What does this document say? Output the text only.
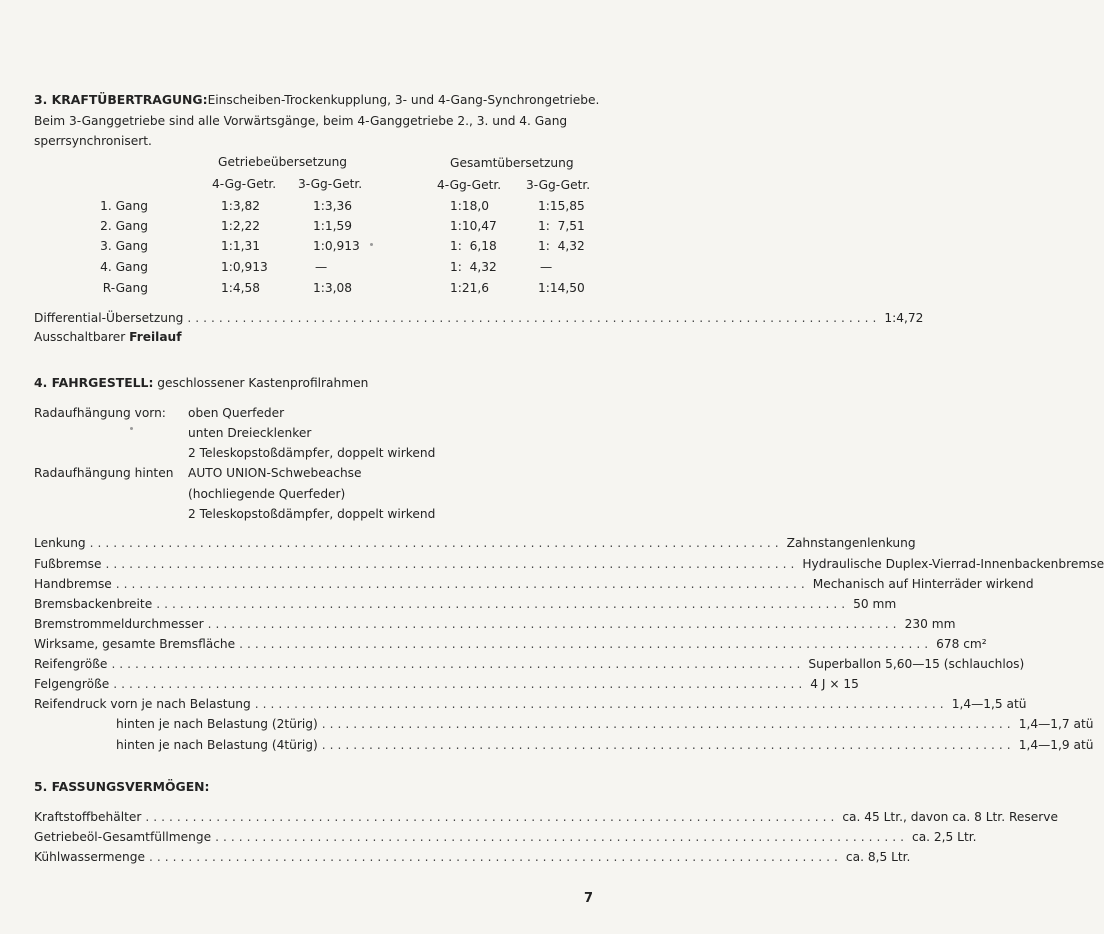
3. KRAFTÜBERTRAGUNG:Einscheiben-Trockenkupplung, 3- und 4-Gang-Synchrongetriebe.
Beim 3-Ganggetriebe sind alle Vorwärtsgänge, beim 4-Ganggetriebe 2., 3. und 4. Gang
sperrsynchronisert.
Getriebeübersetzung	Gesamtübersetzung
4-Gg-Getr. 3-Gg-Getr.	4-Gg-Getr. 3-Gg-Getr.
1. Gang	1:3,82	1:3,36	1:18,0	1:15,85
2. Gang	1:2,22	1:1,59	1:10,47	1:  7,51
3. Gang	1:1,31	1:0,913	1:  6,18	1:  4,32
4. Gang	1:0,913	—	1:  4,32	—
R-Gang	1:4,58	1:3,08	1:21,6	1:14,50
Differential-Übersetzung ........................................................................................ 1:4,72
Ausschaltbarer Freilauf
4. FAHRGESTELL: geschlossener Kastenprofilrahmen
Radaufhängung vorn: oben Querfeder
unten Dreiecklenker
2 Teleskopstoßdämpfer, doppelt wirkend
Radaufhängung hinten AUTO UNION-Schwebeachse
(hochliegende Querfeder)
2 Teleskopstoßdämpfer, doppelt wirkend
Lenkung ........................................................................................ Zahnstangenlenkung
Fußbremse ........................................................................................ Hydraulische Duplex-Vierrad-Innenbackenbremse
Handbremse ........................................................................................ Mechanisch auf Hinterräder wirkend
Bremsbackenbreite ........................................................................................ 50 mm
Bremstrommeldurchmesser ........................................................................................ 230 mm
Wirksame, gesamte Bremsfläche ........................................................................................ 678 cm²
Reifengröße ........................................................................................ Superballon 5,60—15 (schlauchlos)
Felgengröße ........................................................................................ 4 J × 15
Reifendruck vorn je nach Belastung ........................................................................................ 1,4—1,5 atü
hinten je nach Belastung (2türig) ........................................................................................ 1,4—1,7 atü
hinten je nach Belastung (4türig) ........................................................................................ 1,4—1,9 atü
5. FASSUNGSVERMÖGEN:
Kraftstoffbehälter ........................................................................................ ca. 45 Ltr., davon ca. 8 Ltr. Reserve
Getriebeöl-Gesamtfüllmenge ........................................................................................ ca. 2,5 Ltr.
Kühlwassermenge ........................................................................................ ca. 8,5 Ltr.
7
